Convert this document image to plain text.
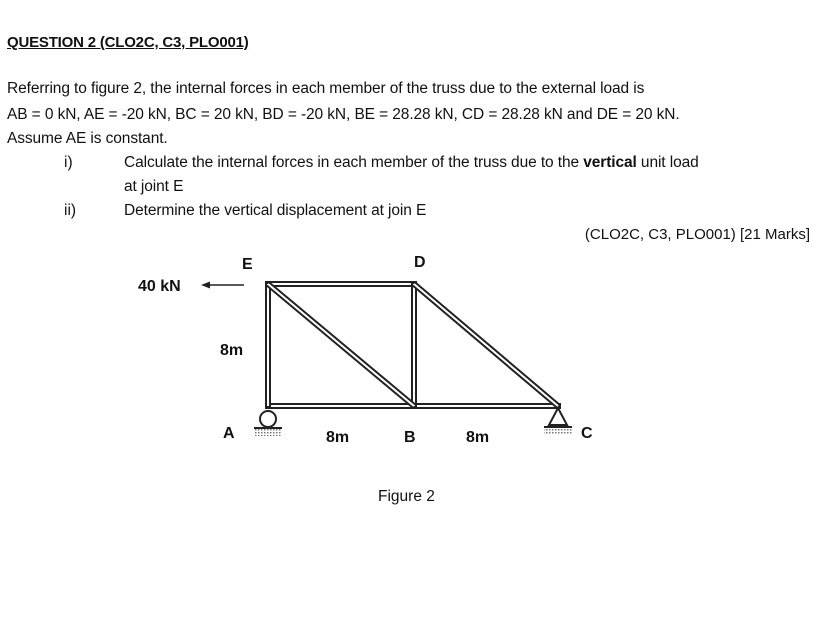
QUESTION 2 (CLO2C, C3, PLO001)
Referring to figure 2, the internal forces in each member of the truss due to the external load is
AB = 0 kN, AE = -20 kN, BC = 20 kN, BD = -20 kN, BE = 28.28 kN, CD = 28.28 kN and DE = 20 kN.
Assume AE is constant.
i)	Calculate the internal forces in each member of the truss due to the vertical unit load
at joint E
ii)	Determine the vertical displacement at join E
(CLO2C, C3, PLO001) [21 Marks]
40 kN
E	D
8m
A	8m	B	8m	C
Figure 2
